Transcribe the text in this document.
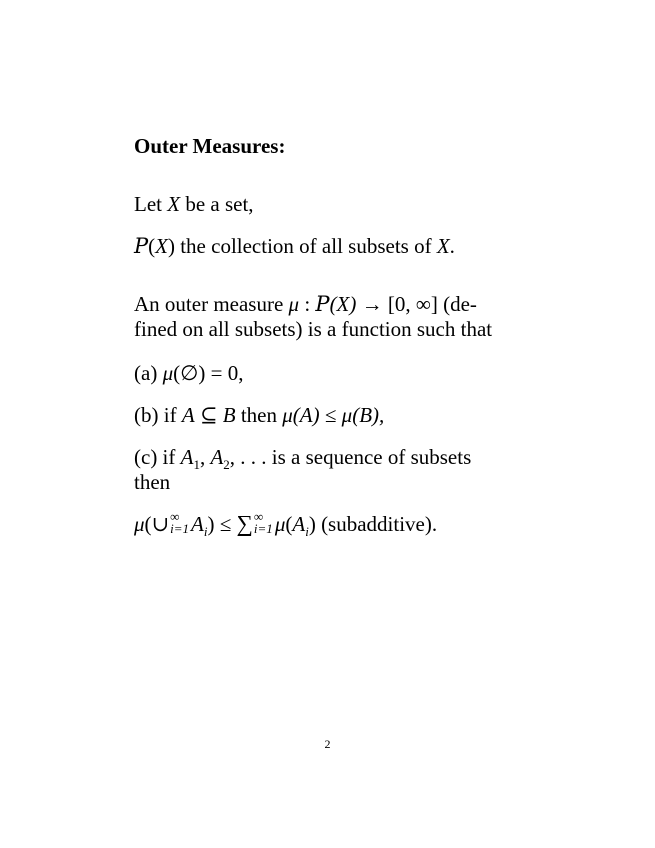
Outer Measures:
Let X be a set,
P(X) the collection of all subsets of X.
An outer measure μ : P(X) → [0, ∞] (de-
fined on all subsets) is a function such that
(a) μ(∅) = 0,
(b) if A ⊆ B then μ(A) ≤ μ(B),
(c) if $A_1$, $A_2$, . . . is a sequence of subsets
then
μ(∪ ∞
i=1 $A_i$) ≤ ∑ ∞
i=1 $\mu(A_i)$ (subadditive).
2
